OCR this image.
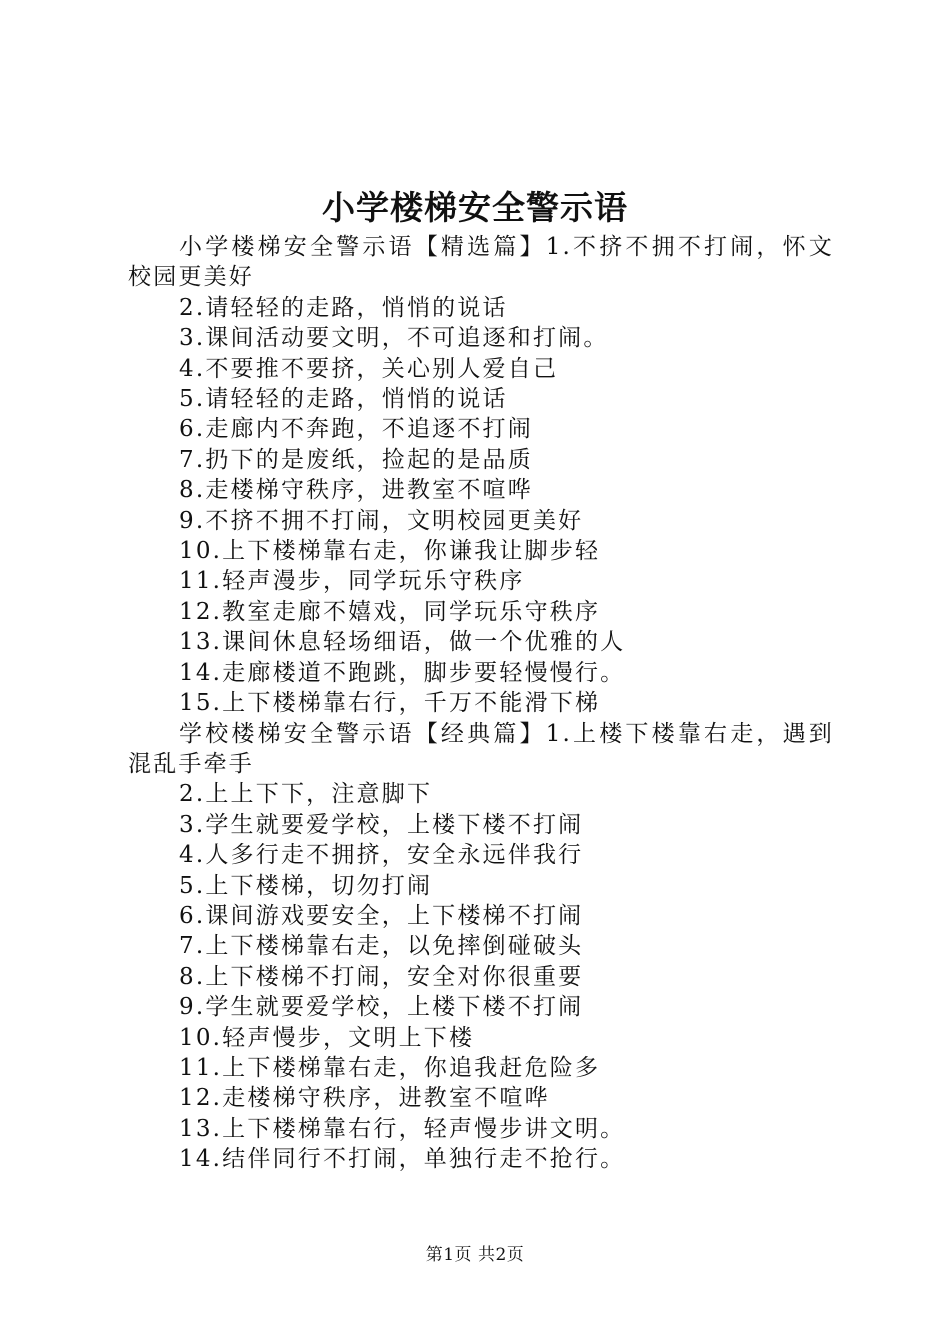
小学楼梯安全警示语

小学楼梯安全警示语【精选篇】1.不挤不拥不打闹，怀文校园更美好

2.请轻轻的走路，悄悄的说话

3.课间活动要文明，不可追逐和打闹。

4.不要推不要挤，关心别人爱自己

5.请轻轻的走路，悄悄的说话

6.走廊内不奔跑，不追逐不打闹

7.扔下的是废纸，捡起的是品质

8.走楼梯守秩序，进教室不喧哗

9.不挤不拥不打闹，文明校园更美好

10.上下楼梯靠右走，你谦我让脚步轻

11.轻声漫步，同学玩乐守秩序

12.教室走廊不嬉戏，同学玩乐守秩序

13.课间休息轻场细语，做一个优雅的人

14.走廊楼道不跑跳，脚步要轻慢慢行。

15.上下楼梯靠右行，千万不能滑下梯

学校楼梯安全警示语【经典篇】1.上楼下楼靠右走，遇到混乱手牵手

2.上上下下，注意脚下

3.学生就要爱学校，上楼下楼不打闹

4.人多行走不拥挤，安全永远伴我行

5.上下楼梯，切勿打闹

6.课间游戏要安全，上下楼梯不打闹

7.上下楼梯靠右走，以免摔倒碰破头

8.上下楼梯不打闹，安全对你很重要

9.学生就要爱学校，上楼下楼不打闹

10.轻声慢步，文明上下楼

11.上下楼梯靠右走，你追我赶危险多

12.走楼梯守秩序，进教室不喧哗

13.上下楼梯靠右行，轻声慢步讲文明。

14.结伴同行不打闹，单独行走不抢行。

第1页 共2页
